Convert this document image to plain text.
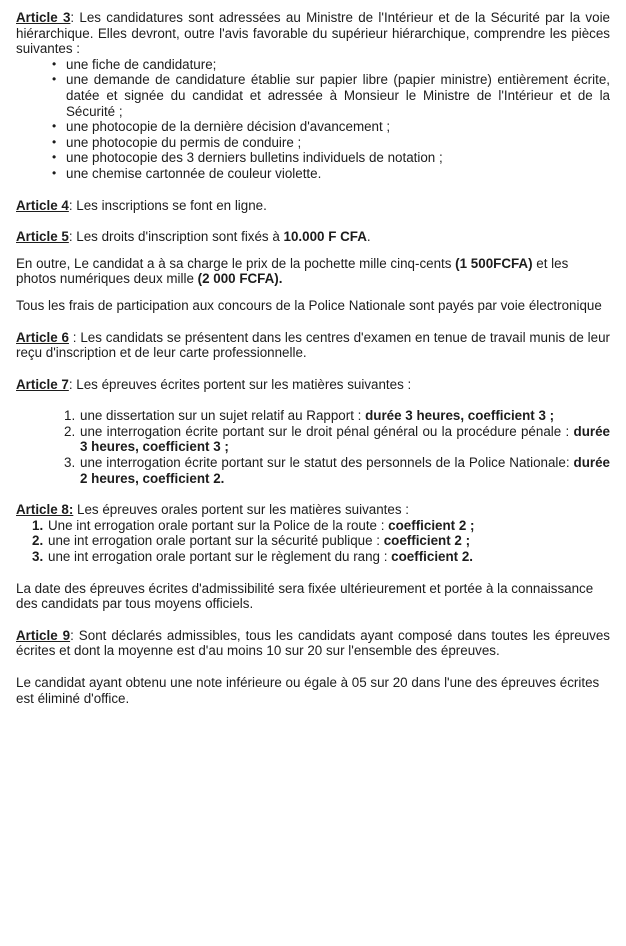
Article 3: Les candidatures sont adressées au Ministre de l'Intérieur et de la Sécurité par la voie hiérarchique. Elles devront, outre l'avis favorable du supérieur hiérarchique, comprendre les pièces suivantes :

• une fiche de candidature;
• une demande de candidature établie sur papier libre (papier ministre) entièrement écrite, datée et signée du candidat et adressée à Monsieur le Ministre de l'Intérieur et de la Sécurité ;
• une photocopie de la dernière décision d'avancement ;
• une photocopie du permis de conduire ;
• une photocopie des 3 derniers bulletins individuels de notation ;
• une chemise cartonnée de couleur violette.

Article 4: Les inscriptions se font en ligne.

Article 5: Les droits d'inscription sont fixés à 10.000 F CFA.

En outre, Le candidat a à sa charge le prix de la pochette mille cinq-cents (1 500FCFA) et les photos numériques deux mille (2 000 FCFA).

Tous les frais de participation aux concours de la Police Nationale sont payés par voie électronique

Article 6 : Les candidats se présentent dans les centres d'examen en tenue de travail munis de leur reçu d'inscription et de leur carte professionnelle.

Article 7: Les épreuves écrites portent sur les matières suivantes :

1. une dissertation sur un sujet relatif au Rapport : durée 3 heures, coefficient 3 ;
2. une interrogation écrite portant sur le droit pénal général ou la procédure pénale : durée 3 heures, coefficient 3 ;
3. une interrogation écrite portant sur le statut des personnels de la Police Nationale: durée 2 heures, coefficient 2.

Article 8: Les épreuves orales portent sur les matières suivantes :

1. Une int errogation orale portant sur la Police de la route : coefficient 2 ;
2. une int errogation orale portant sur la sécurité publique : coefficient 2 ;
3. une int errogation orale portant sur le règlement du rang : coefficient 2.

La date des épreuves écrites d'admissibilité sera fixée ultérieurement et portée à la connaissance des candidats par tous moyens officiels.

Article 9: Sont déclarés admissibles, tous les candidats ayant composé dans toutes les épreuves écrites et dont la moyenne est d'au moins 10 sur 20 sur l'ensemble des épreuves.

Le candidat ayant obtenu une note inférieure ou égale à 05 sur 20 dans l'une des épreuves écrites est éliminé d'office.
